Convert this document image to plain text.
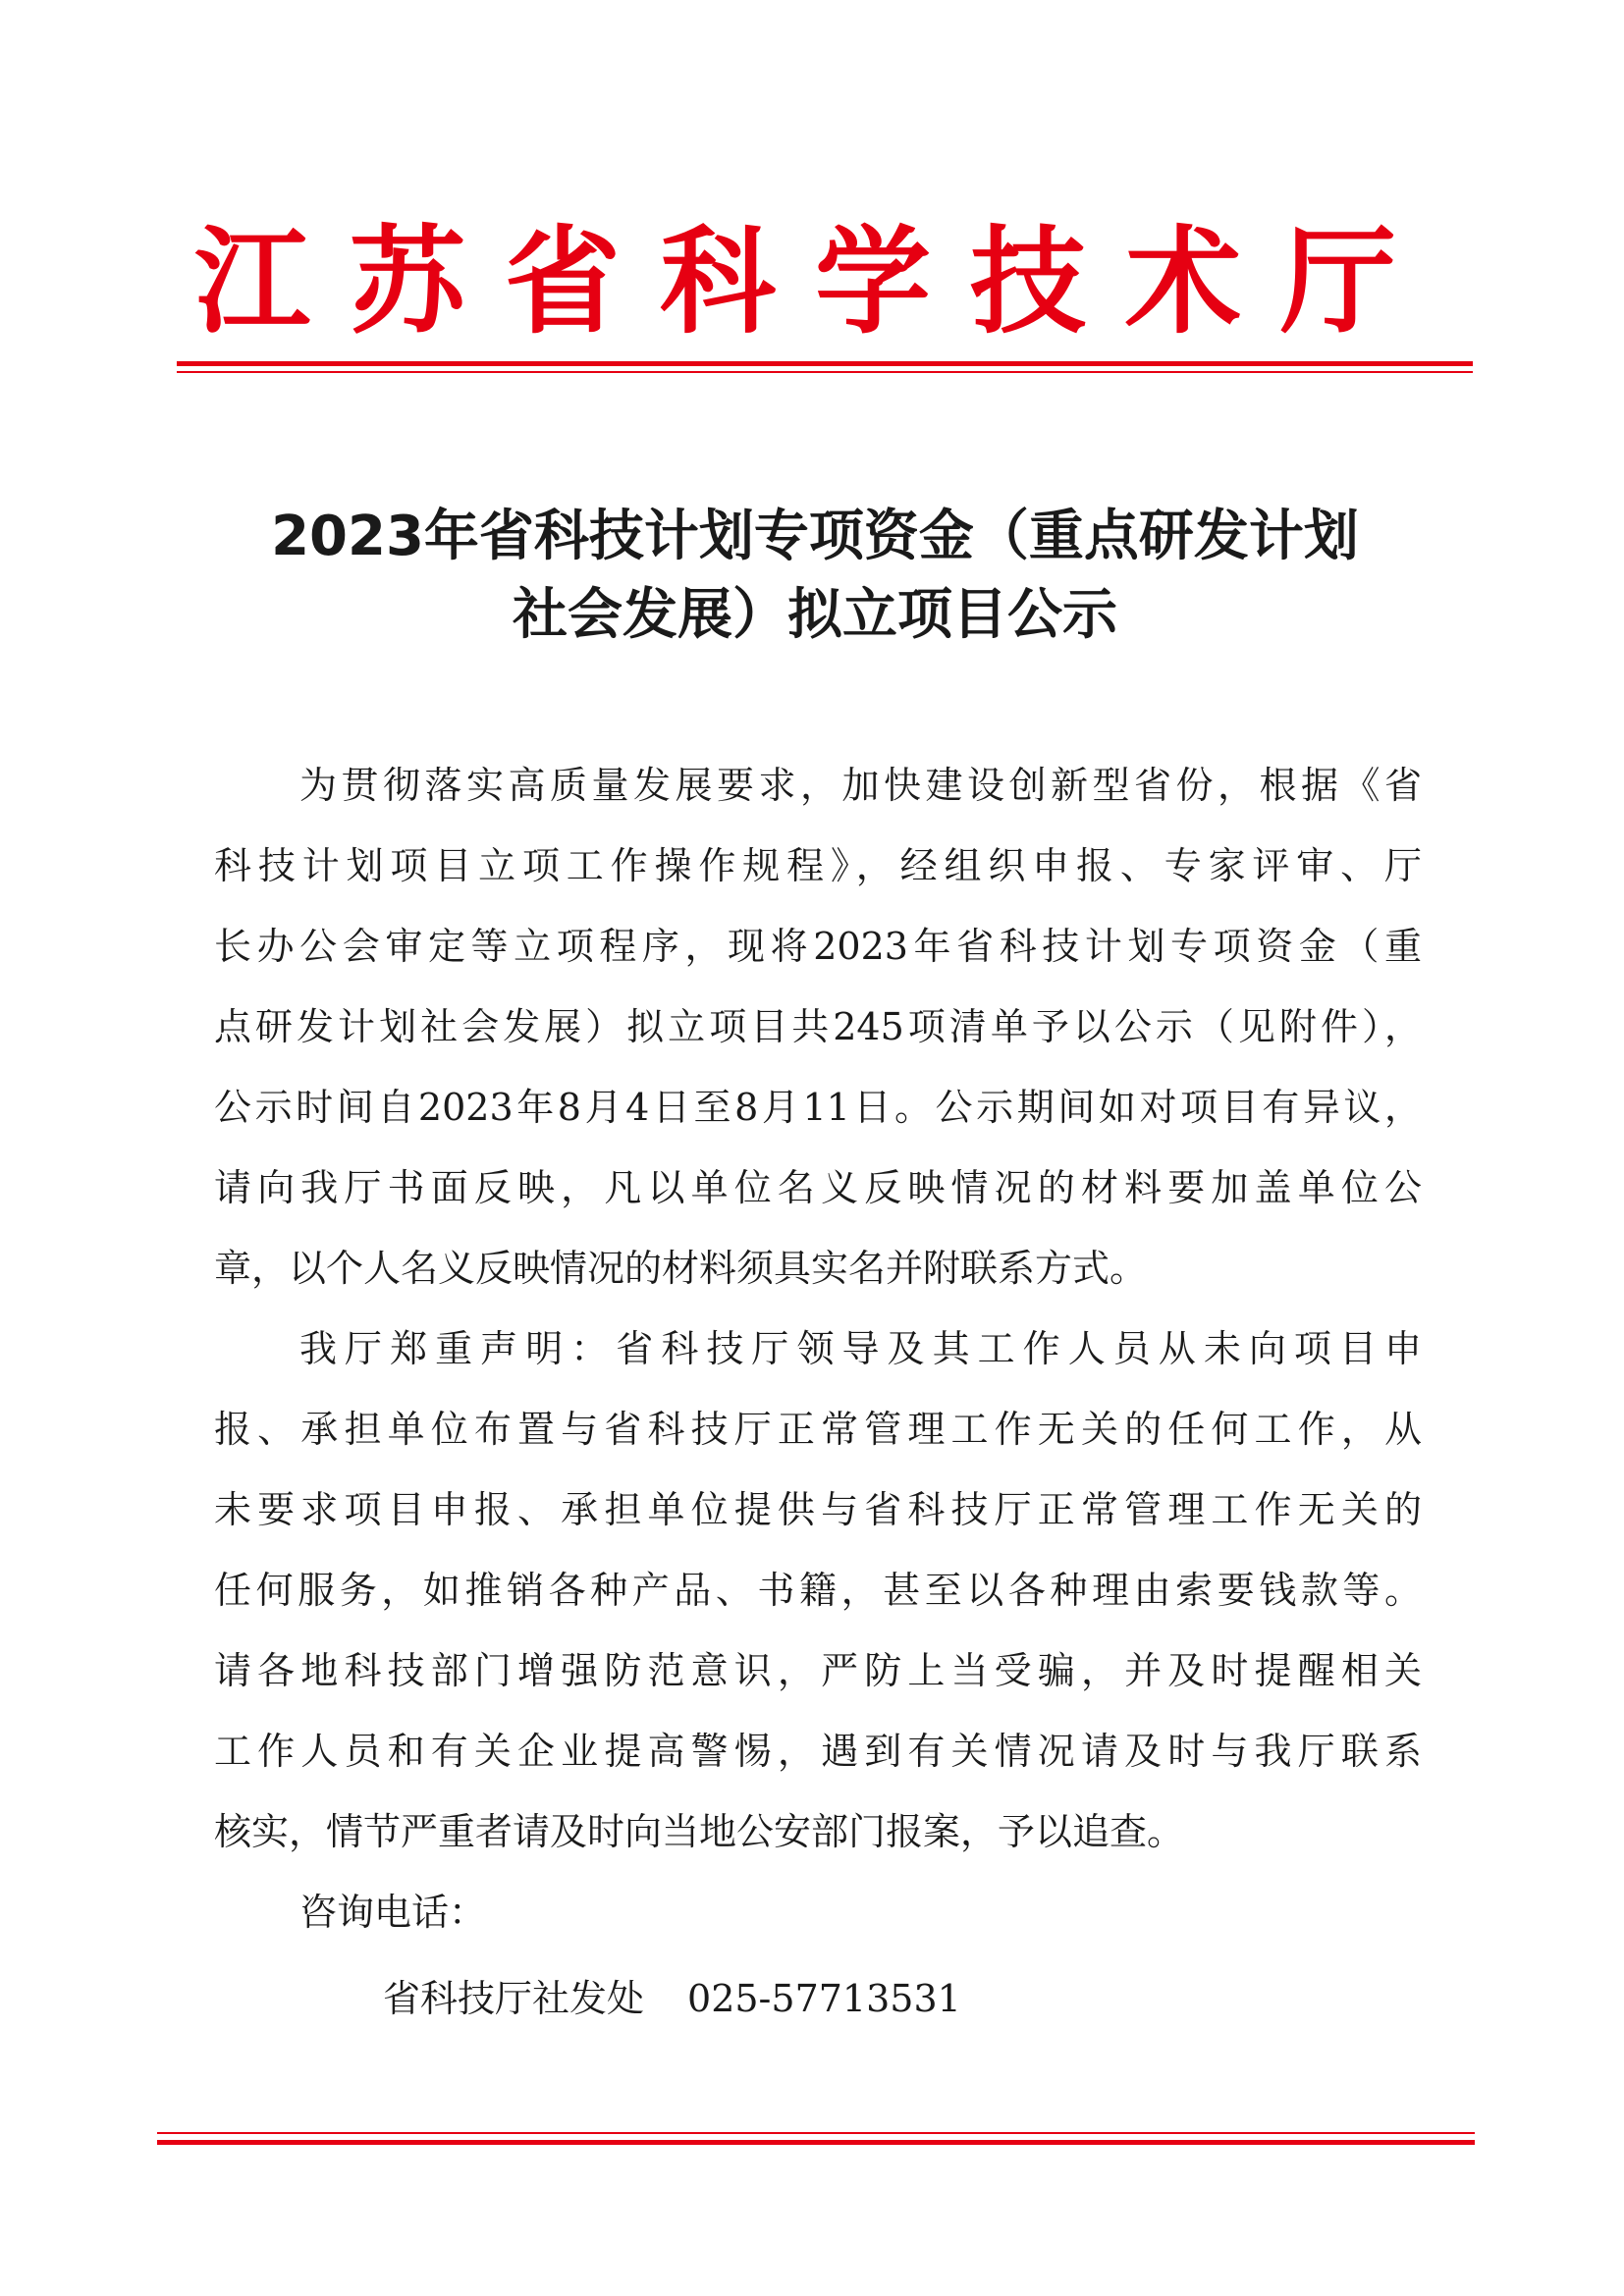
江苏省科学技术厅
2023年省科技计划专项资金（重点研发计划
社会发展）拟立项目公示
为贯彻落实高质量发展要求，加快建设创新型省份，根据《省
科技计划项目立项工作操作规程》，经组织申报、专家评审、厅
长办公会审定等立项程序，现将2023年省科技计划专项资金（重
点研发计划社会发展）拟立项目共245项清单予以公示（见附件），
公示时间自2023年8月4日至8月11日。公示期间如对项目有异议，
请向我厅书面反映，凡以单位名义反映情况的材料要加盖单位公
章，以个人名义反映情况的材料须具实名并附联系方式。
我厅郑重声明：省科技厅领导及其工作人员从未向项目申
报、承担单位布置与省科技厅正常管理工作无关的任何工作，从
未要求项目申报、承担单位提供与省科技厅正常管理工作无关的
任何服务，如推销各种产品、书籍，甚至以各种理由索要钱款等。
请各地科技部门增强防范意识，严防上当受骗，并及时提醒相关
工作人员和有关企业提高警惕，遇到有关情况请及时与我厅联系
核实，情节严重者请及时向当地公安部门报案，予以追查。
咨询电话：
省科技厅社发处 025-57713531
